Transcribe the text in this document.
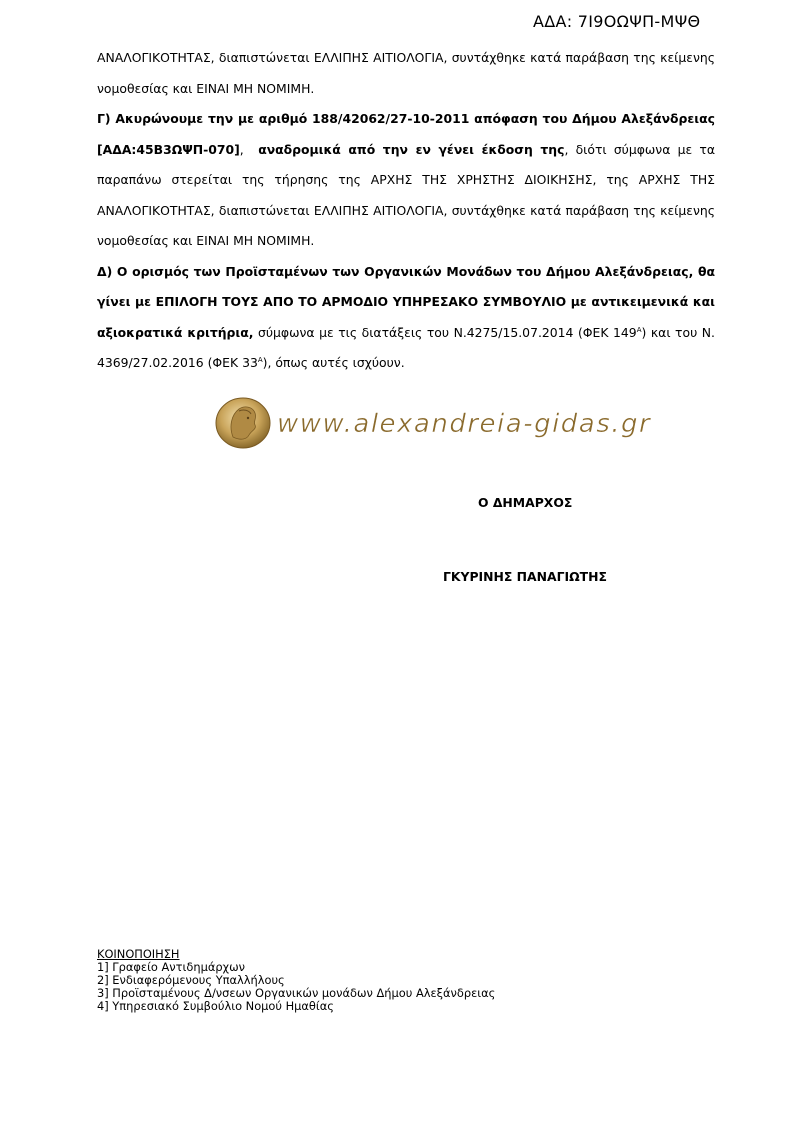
ΑΔΑ: 7Ι9ΟΩΨΠ-ΜΨΘ
ΑΝΑΛΟΓΙΚΟΤΗΤΑΣ, διαπιστώνεται ΕΛΛΙΠΗΣ ΑΙΤΙΟΛΟΓΙΑ, συντάχθηκε κατά παράβαση της κείμενης
νομοθεσίας και ΕΙΝΑΙ ΜΗ ΝΟΜΙΜΗ.
Γ) Ακυρώνουμε την με αριθμό 188/42062/27-10-2011 απόφαση του Δήμου Αλεξάνδρειας
[ΑΔΑ:45Β3ΩΨΠ-070], αναδρομικά από την εν γένει έκδοση της, διότι σύμφωνα με τα
παραπάνω στερείται της τήρησης της ΑΡΧΗΣ ΤΗΣ ΧΡΗΣΤΗΣ ΔΙΟΙΚΗΣΗΣ, της ΑΡΧΗΣ ΤΗΣ
ΑΝΑΛΟΓΙΚΟΤΗΤΑΣ, διαπιστώνεται ΕΛΛΙΠΗΣ ΑΙΤΙΟΛΟΓΙΑ, συντάχθηκε κατά παράβαση της κείμενης
νομοθεσίας και ΕΙΝΑΙ ΜΗ ΝΟΜΙΜΗ.
Δ) Ο ορισμός των Προϊσταμένων των Οργανικών Μονάδων του Δήμου Αλεξάνδρειας, θα
γίνει με ΕΠΙΛΟΓΗ ΤΟΥΣ ΑΠΟ ΤΟ ΑΡΜΟΔΙΟ ΥΠΗΡΕΣΑΚΟ ΣΥΜΒΟΥΛΙΟ με αντικειμενικά και
αξιοκρατικά κριτήρια, σύμφωνα με τις διατάξεις του Ν.4275/15.07.2014 (ΦΕΚ $149^A$) και του Ν.
4369/27.02.2016 (ΦΕΚ $33^A$), όπως αυτές ισχύουν.
www.alexandreia-gidas.gr
Ο ΔΗΜΑΡΧΟΣ
ΓΚΥΡΙΝΗΣ ΠΑΝΑΓΙΩΤΗΣ
ΚΟΙΝΟΠΟΙΗΣΗ
1] Γραφείο Αντιδημάρχων
2] Ενδιαφερόμενους Υπαλλήλους
3] Προϊσταμένους Δ/νσεων Οργανικών μονάδων Δήμου Αλεξάνδρειας
4] Υπηρεσιακό Συμβούλιο Νομού Ημαθίας
